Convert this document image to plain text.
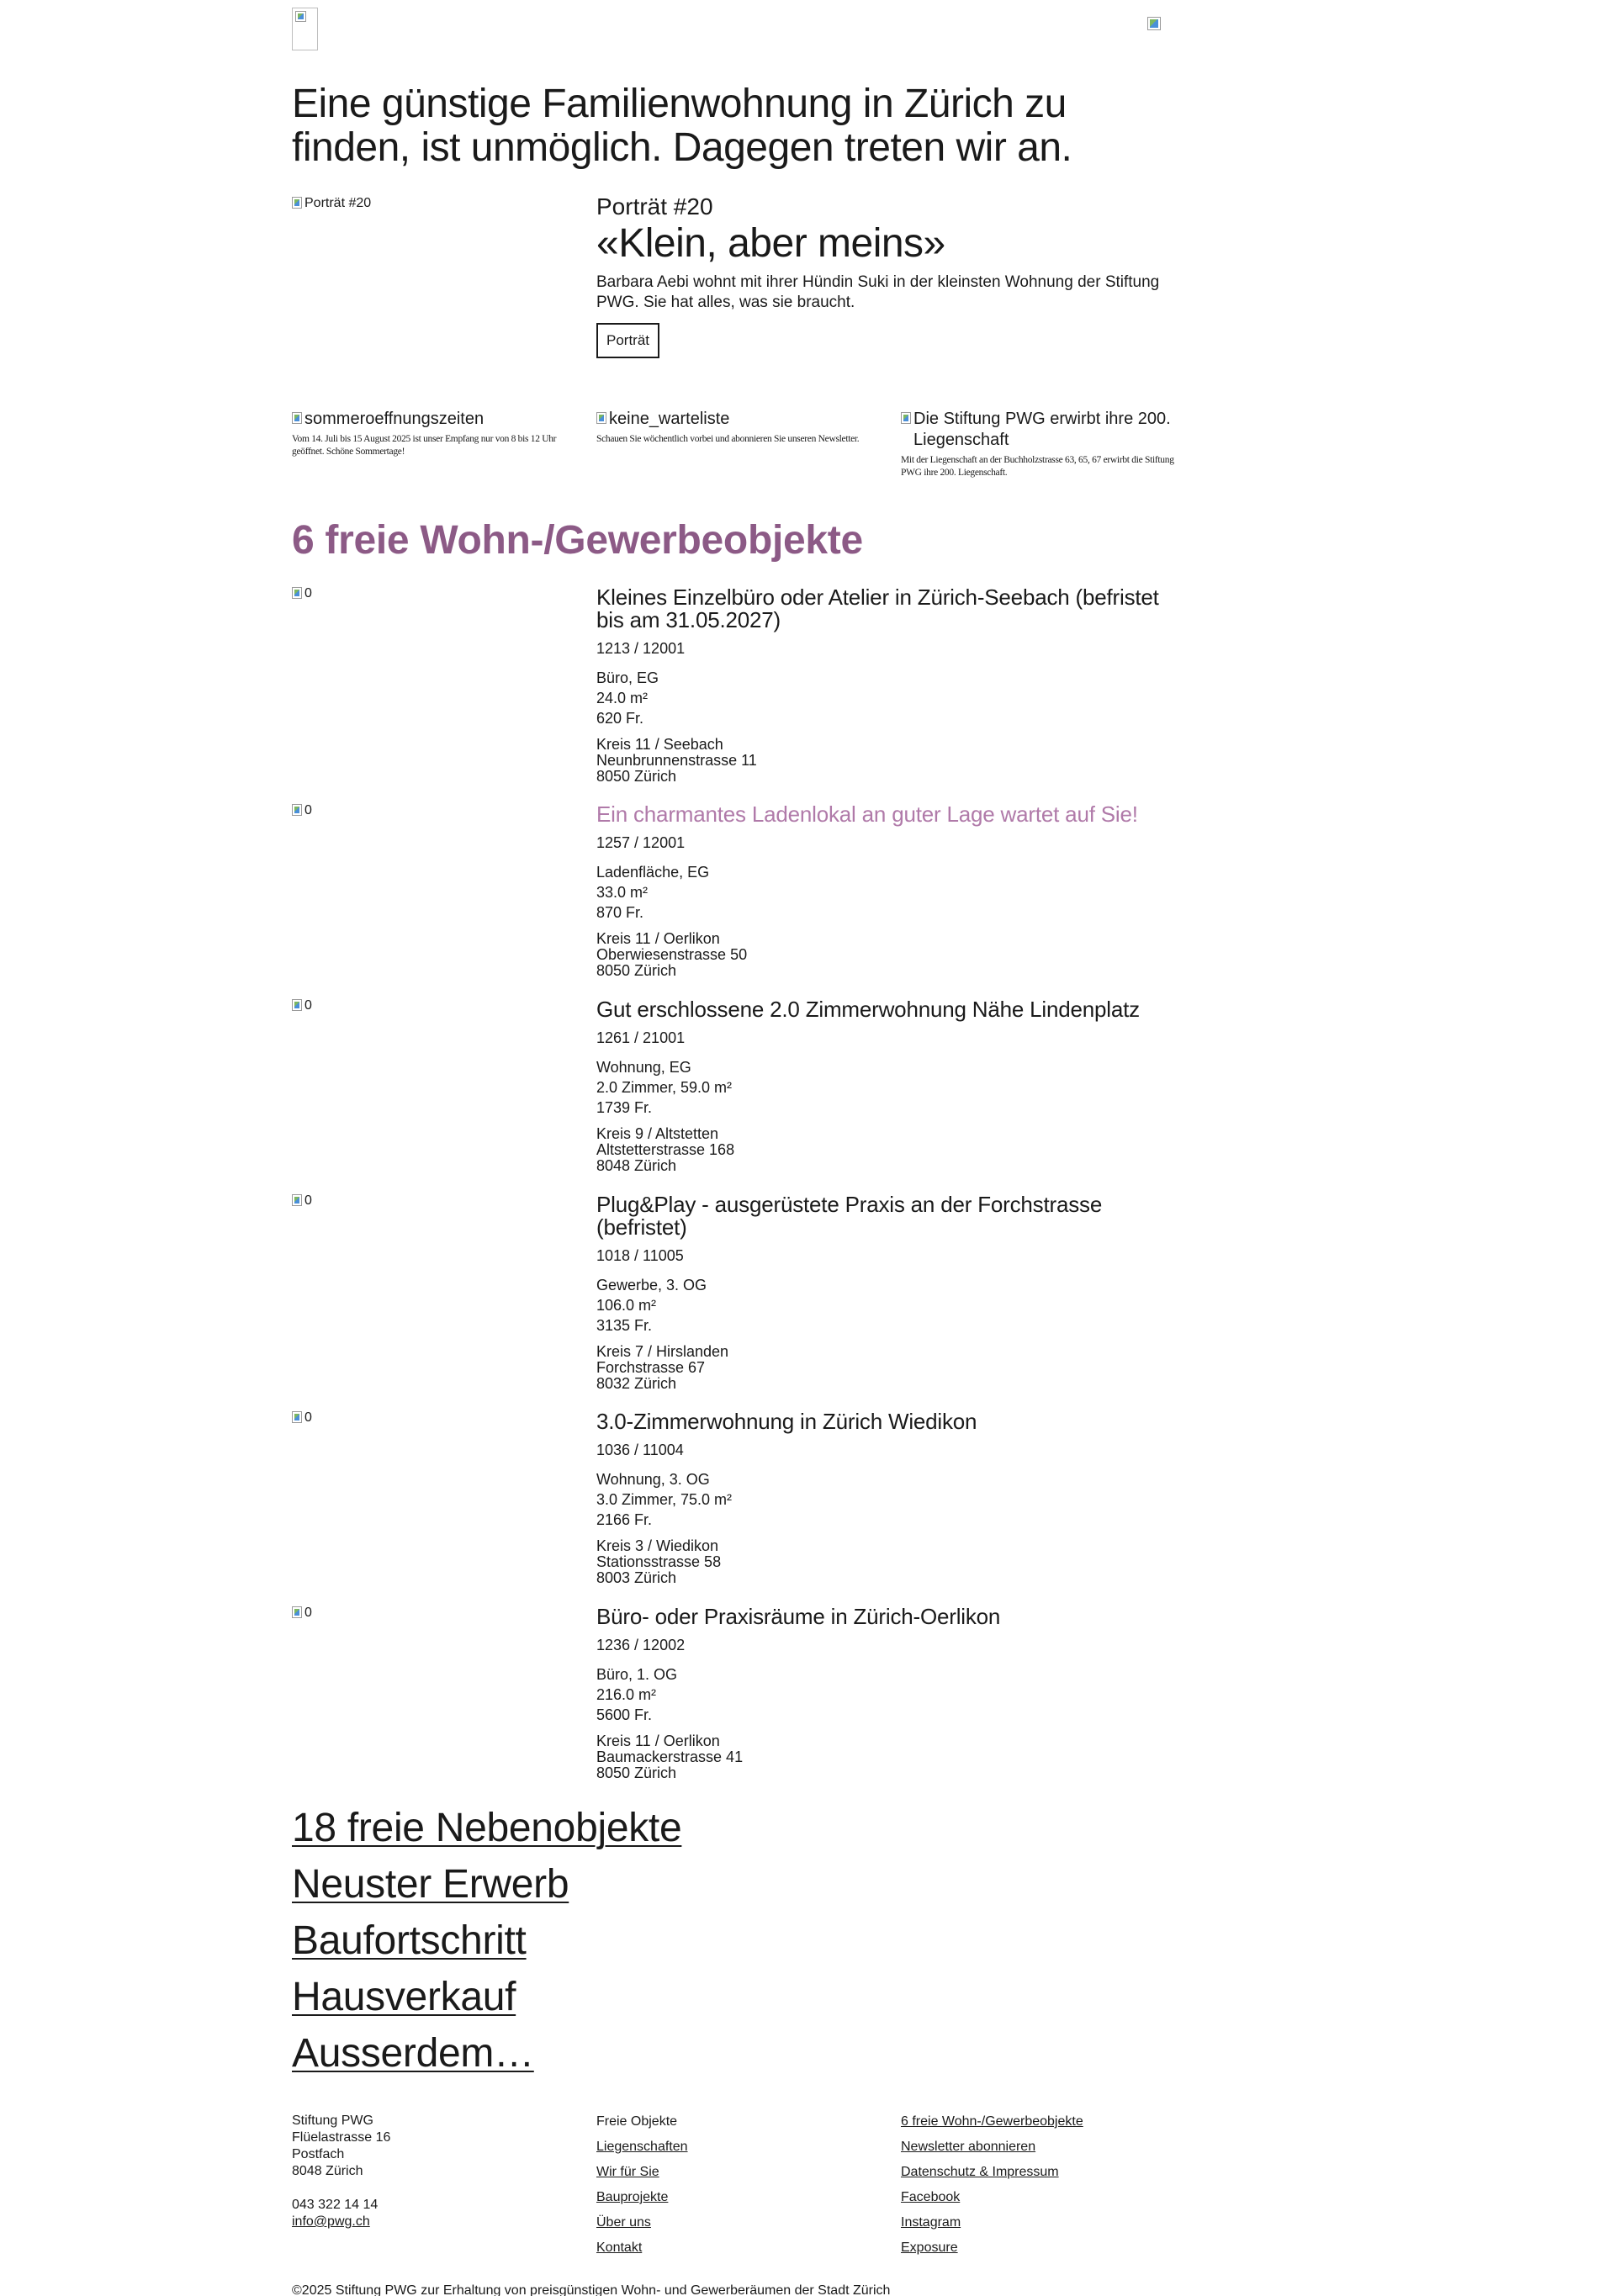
Eine günstige Familienwohnung in Zürich zu finden, ist unmöglich. Dagegen treten wir an.
Porträt #20	Porträt #20
«Klein, aber meins»

Barbara Aebi wohnt mit ihrer Hündin Suki in der kleinsten Wohnung der Stiftung PWG. Sie hat alles, was sie braucht.

Porträt
sommeroeffnungszeiten

Vom 14. Juli bis 15 August 2025 ist unser Empfang nur von 8 bis 12 Uhr geöffnet. Schöne Sommertage!

keine_warteliste

Schauen Sie wöchentlich vorbei und abonnieren Sie unseren Newsletter.

Die Stiftung PWG erwirbt ihre 200. Liegenschaft

Mit der Liegenschaft an der Buchholzstrasse 63, 65, 67 erwirbt die Stiftung PWG ihre 200. Liegenschaft.

6 freie Wohn-/Gewerbeobjekte
0	Kleines Einzelbüro oder Atelier in Zürich-Seebach (befristet bis am 31.05.2027)
1213 / 12001
Büro, EG
24.0 m²
620 Fr.
Kreis 11 / Seebach
Neunbrunnenstrasse 11
8050 Zürich
0	Ein charmantes Ladenlokal an guter Lage wartet auf Sie!
1257 / 12001
Ladenfläche, EG
33.0 m²
870 Fr.
Kreis 11 / Oerlikon
Oberwiesenstrasse 50
8050 Zürich
0	Gut erschlossene 2.0 Zimmerwohnung Nähe Lindenplatz
1261 / 21001
Wohnung, EG
2.0 Zimmer, 59.0 m²
1739 Fr.
Kreis 9 / Altstetten
Altstetterstrasse 168
8048 Zürich
0	Plug&Play - ausgerüstete Praxis an der Forchstrasse (befristet)
1018 / 11005
Gewerbe, 3. OG
106.0 m²
3135 Fr.
Kreis 7 / Hirslanden
Forchstrasse 67
8032 Zürich
0	3.0-Zimmerwohnung in Zürich Wiedikon
1036 / 11004
Wohnung, 3. OG
3.0 Zimmer, 75.0 m²
2166 Fr.
Kreis 3 / Wiedikon
Stationsstrasse 58
8003 Zürich
0	Büro- oder Praxisräume in Zürich-Oerlikon
1236 / 12002
Büro, 1. OG
216.0 m²
5600 Fr.
Kreis 11 / Oerlikon
Baumackerstrasse 41
8050 Zürich
18 freie Nebenobjekte
Neuster Erwerb
Baufortschritt
Hausverkauf
Ausserdem…
Stiftung PWG
Flüelastrasse 16
Postfach
8048 Zürich
043 322 14 14
info@pwg.ch
Freie Objekte
Liegenschaften
Wir für Sie
Bauprojekte
Über uns
Kontakt
6 freie Wohn-/Gewerbeobjekte
Newsletter abonnieren
Datenschutz & Impressum
Facebook
Instagram
Exposure
©2025 Stiftung PWG zur Erhaltung von preisgünstigen Wohn- und Gewerberäumen der Stadt Zürich
